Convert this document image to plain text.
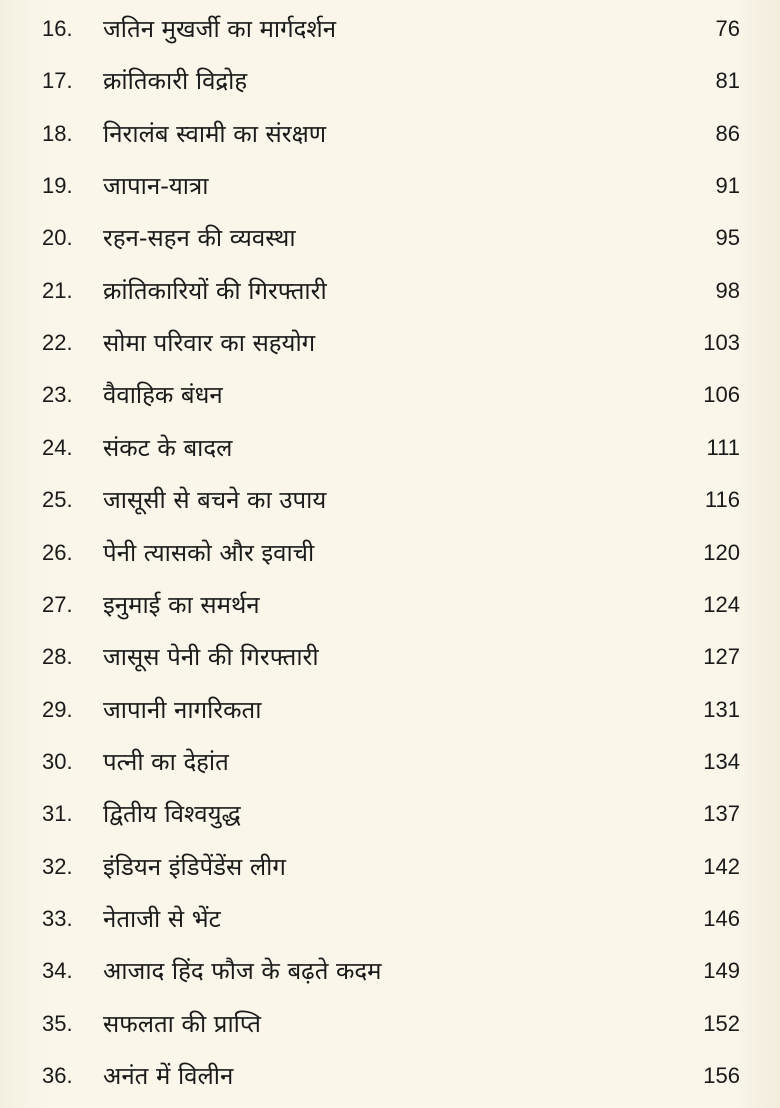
16. जतिन मुखर्जी का मार्गदर्शन	76
17. क्रांतिकारी विद्रोह	81
18. निरालंब स्वामी का संरक्षण	86
19. जापान-यात्रा	91
20. रहन-सहन की व्यवस्था	95
21. क्रांतिकारियों की गिरफ्तारी	98
22. सोमा परिवार का सहयोग	103
23. वैवाहिक बंधन	106
24. संकट के बादल	111
25. जासूसी से बचने का उपाय	116
26. पेनी त्यासको और इवाची	120
27. इनुमाई का समर्थन	124
28. जासूस पेनी की गिरफ्तारी	127
29. जापानी नागरिकता	131
30. पत्नी का देहांत	134
31. द्वितीय विश्वयुद्ध	137
32. इंडियन इंडिपेंडेंस लीग	142
33. नेताजी से भेंट	146
34. आजाद हिंद फौज के बढ़ते कदम	149
35. सफलता की प्राप्ति	152
36. अनंत में विलीन	156
